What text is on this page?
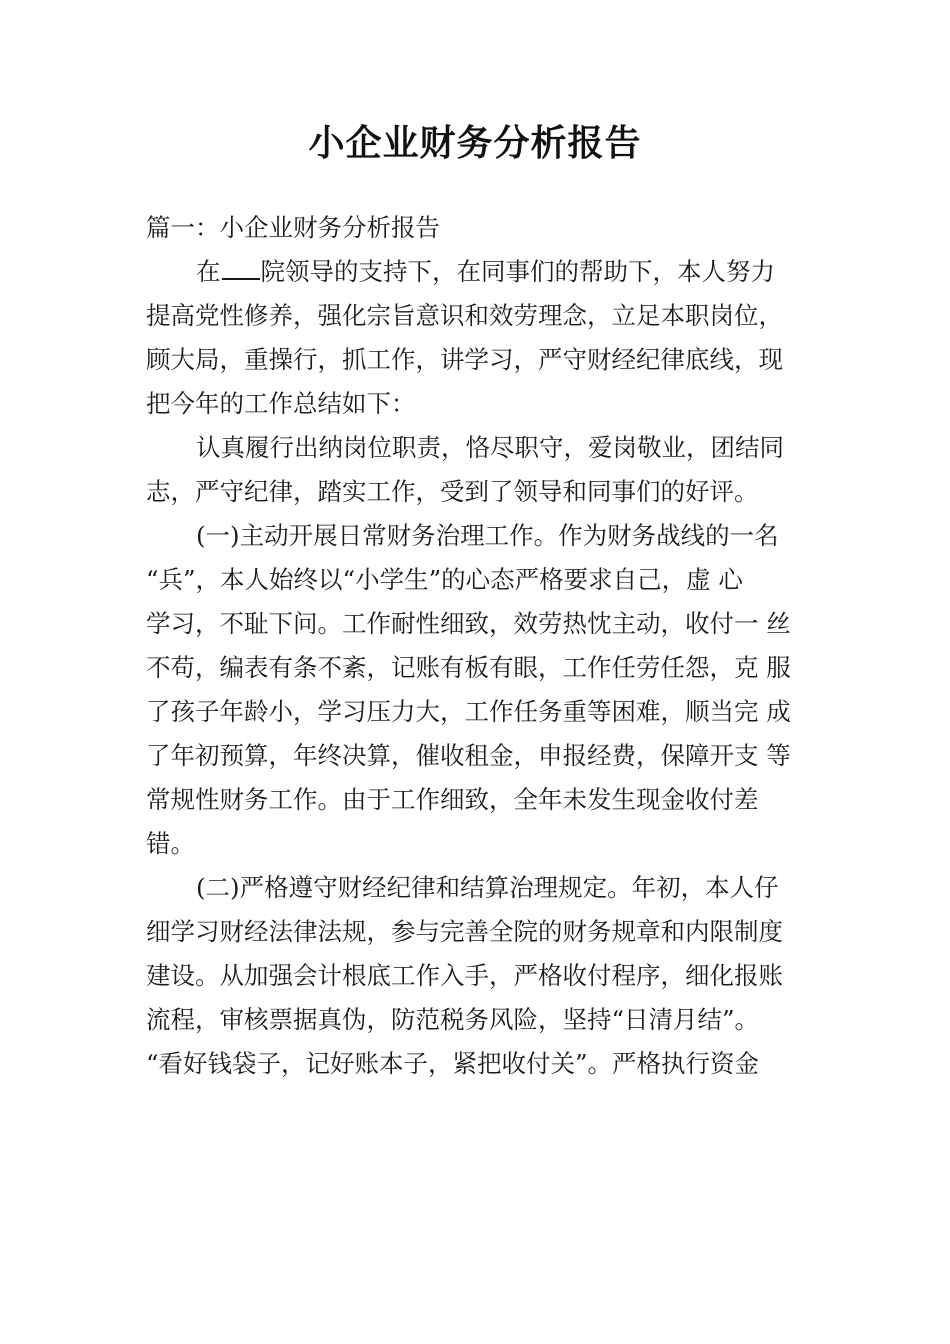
小企业财务分析报告
篇一：小企业财务分析报告
在 院领导的支持下，在同事们的帮助下，本人努力
提高党性修养，强化宗旨意识和效劳理念，立足本职岗位，
顾大局，重操行，抓工作，讲学习，严守财经纪律底线，现
把今年的工作总结如下：
认真履行出纳岗位职责，恪尽职守，爱岗敬业，团结同
志，严守纪律，踏实工作，受到了领导和同事们的好评。
(一)主动开展日常财务治理工作。作为财务战线的一名
“兵”，本人始终以“小学生”的心态严格要求自己，虚 心
学习，不耻下问。工作耐性细致，效劳热忱主动，收付一 丝
不苟，编表有条不紊，记账有板有眼，工作任劳任怨，克 服
了孩子年龄小，学习压力大，工作任务重等困难，顺当完 成
了年初预算，年终决算，催收租金，申报经费，保障开支 等
常规性财务工作。由于工作细致，全年未发生现金收付差
错。
(二)严格遵守财经纪律和结算治理规定。年初，本人仔
细学习财经法律法规，参与完善全院的财务规章和内限制度
建设。从加强会计根底工作入手，严格收付程序，细化报账
流程，审核票据真伪，防范税务风险，坚持“日清月结”。
“看好钱袋子，记好账本子，紧把收付关”。严格执行资金
